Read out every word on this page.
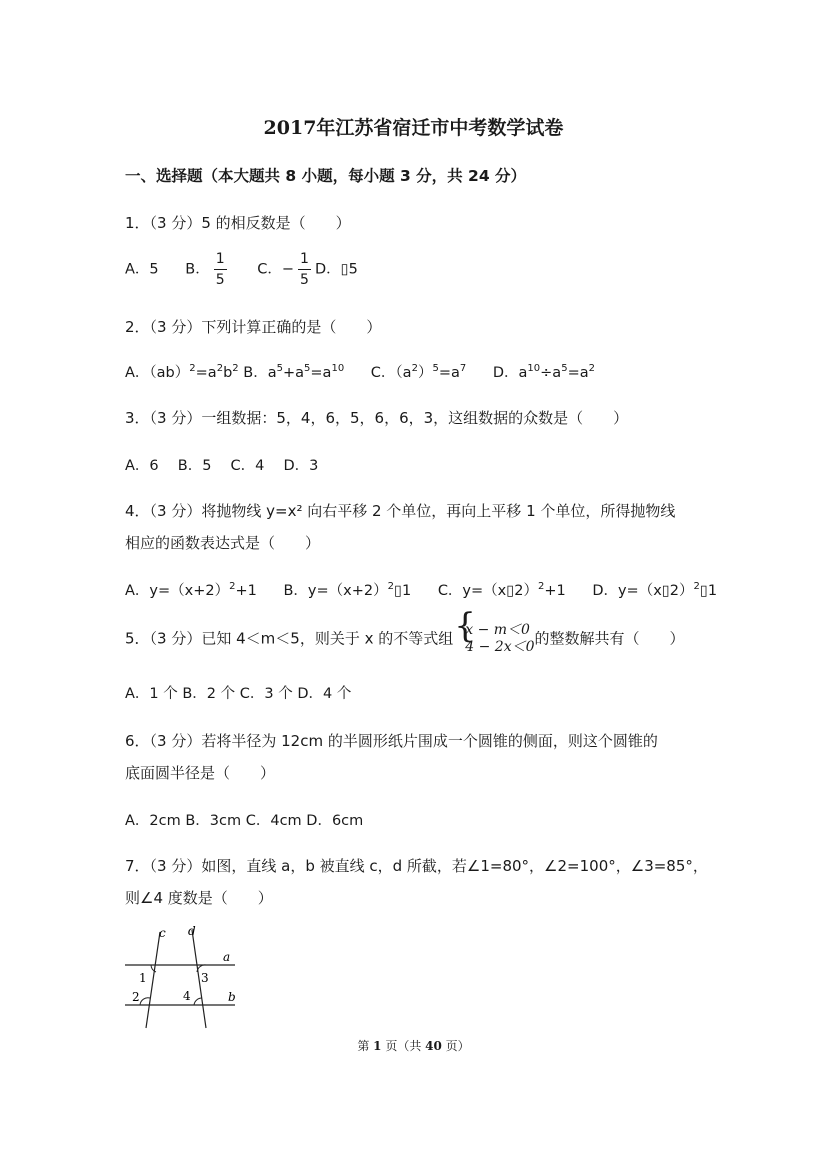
2017年江苏省宿迁市中考数学试卷
一、选择题（本大题共 8 小题，每小题 3 分，共 24 分）
1．（3 分）5 的相反数是（　　）
A．5 B． $\frac{1}{5}$ C．− $\frac{1}{5}$ D．▯5
2．（3 分）下列计算正确的是（　　）
A．$(ab)^2=a^2b^2$ B．$a^5+a^5=a^{10}$ C．$(a^2)^5=a^7$ D．$a^{10}\div a^5=a^2$
3．（3 分）一组数据：5，4，6，5，6，6，3，这组数据的众数是（　　）
A．6　 B．5　 C．4　 D．3
4．（3 分）将抛物线 y=x² 向右平移 2 个单位，再向上平移 1 个单位，所得抛物线
相应的函数表达式是（　　）
A．$y=(x+2)^2+1$ B．$y=(x+2)^2▯1$ C．y=（x▯2）$^2$+1 D．y=（x▯2）$^2$▯1
5．（3 分）已知 4＜m＜5，则关于 x 的不等式组 {
x − m＜0
4 − 2x＜0 的整数解共有（　　）
A．1 个 B．2 个 C．3 个 D．4 个
6．（3 分）若将半径为 12cm 的半圆形纸片围成一个圆锥的侧面，则这个圆锥的
底面圆半径是（　　）
A．2cm B．3cm C．4cm D．6cm
7．（3 分）如图，直线 a，b 被直线 c，d 所截，若∠1=80°，∠2=100°，∠3=85°，
则∠4 度数是（　　）
c d
a
b
1
2
3
4
第 1 页（共 40 页）
